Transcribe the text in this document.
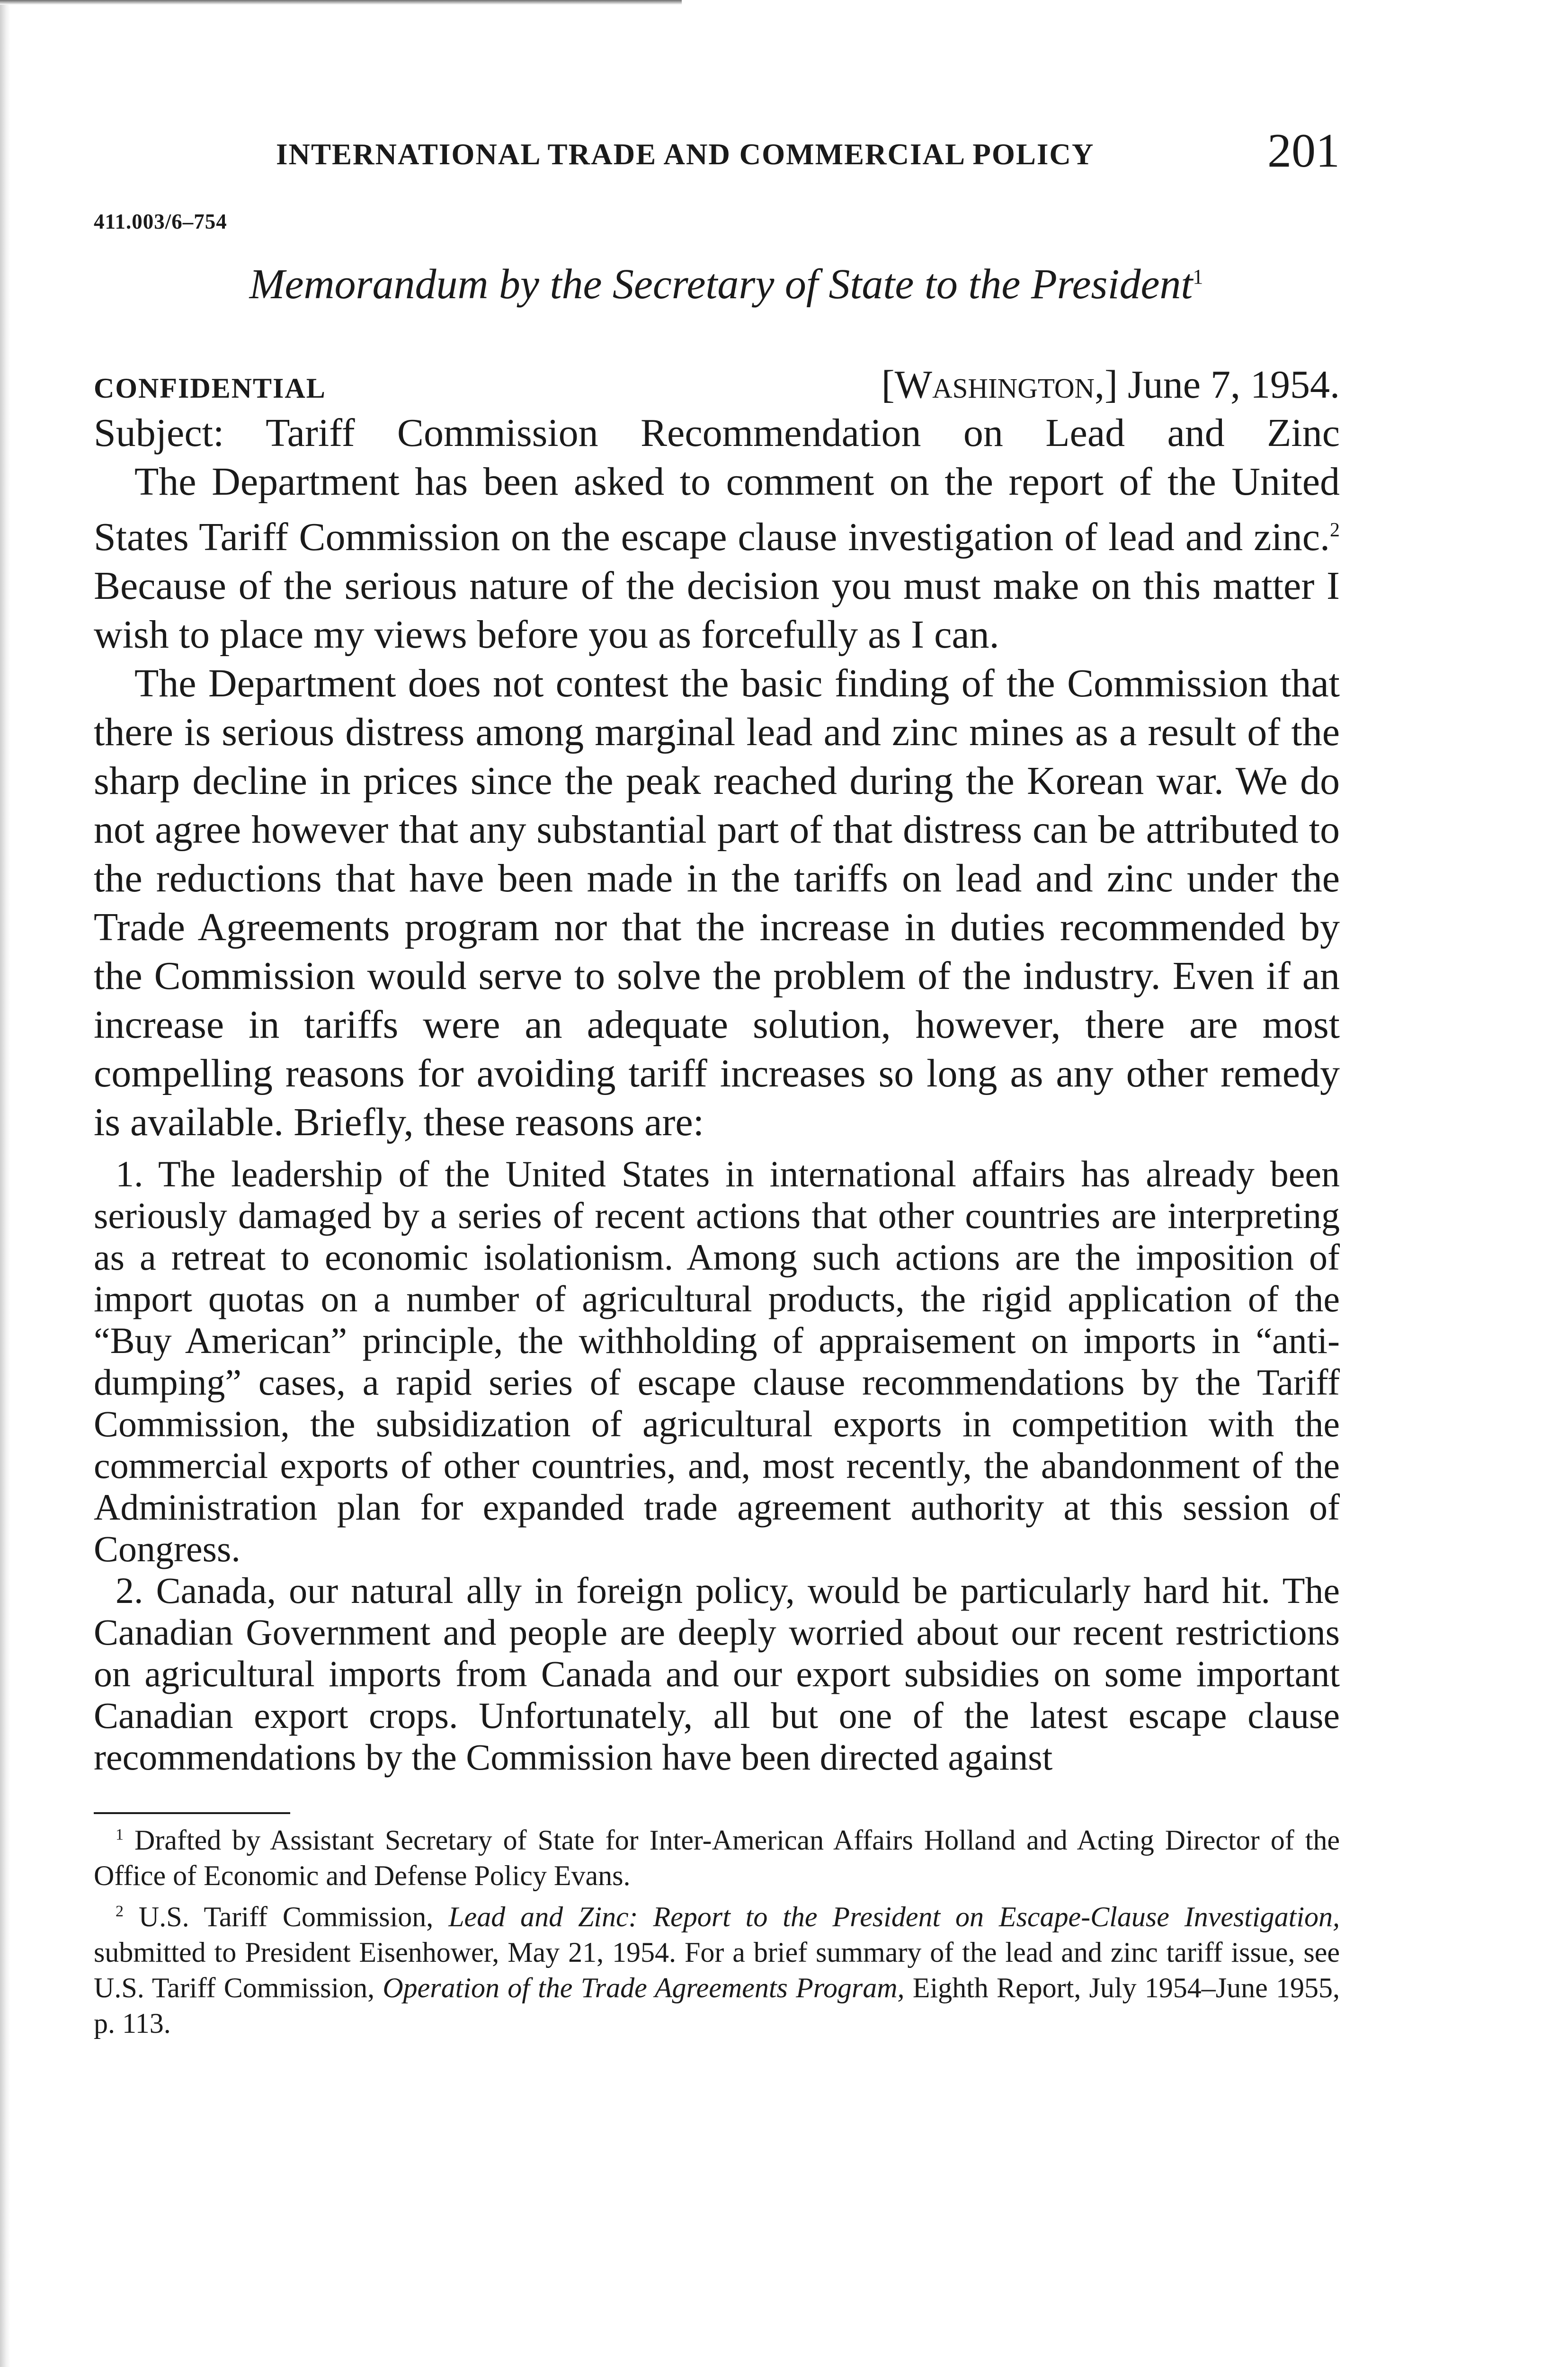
INTERNATIONAL TRADE AND COMMERCIAL POLICY	201
411.003/6–754
Memorandum by the Secretary of State to the President$^1$
CONFIDENTIAL	[Washington,] June 7, 1954.
Subject: Tariff Commission Recommendation on Lead and Zinc

The Department has been asked to comment on the report of the United States Tariff Commission on the escape clause investigation of lead and zinc.$^2$ Because of the serious nature of the decision you must make on this matter I wish to place my views before you as forcefully as I can.

The Department does not contest the basic finding of the Commission that there is serious distress among marginal lead and zinc mines as a result of the sharp decline in prices since the peak reached during the Korean war. We do not agree however that any substantial part of that distress can be attributed to the reductions that have been made in the tariffs on lead and zinc under the Trade Agreements program nor that the increase in duties recommended by the Commission would serve to solve the problem of the industry. Even if an increase in tariffs were an adequate solution, however, there are most compelling reasons for avoiding tariff increases so long as any other remedy is available. Briefly, these reasons are:

1. The leadership of the United States in international affairs has already been seriously damaged by a series of recent actions that other countries are interpreting as a retreat to economic isolationism. Among such actions are the imposition of import quotas on a number of agricultural products, the rigid application of the “Buy American” principle, the withholding of appraisement on imports in “anti-dumping” cases, a rapid series of escape clause recommendations by the Tariff Commission, the subsidization of agricultural exports in competition with the commercial exports of other countries, and, most recently, the abandonment of the Administration plan for expanded trade agreement authority at this session of Congress.

2. Canada, our natural ally in foreign policy, would be particularly hard hit. The Canadian Government and people are deeply worried about our recent restrictions on agricultural imports from Canada and our export subsidies on some important Canadian export crops. Unfortunately, all but one of the latest escape clause recommendations by the Commission have been directed against

$^1$ Drafted by Assistant Secretary of State for Inter-American Affairs Holland and Acting Director of the Office of Economic and Defense Policy Evans.

$^2$ U.S. Tariff Commission, Lead and Zinc: Report to the President on Escape-Clause Investigation, submitted to President Eisenhower, May 21, 1954. For a brief summary of the lead and zinc tariff issue, see U.S. Tariff Commission, Operation of the Trade Agreements Program, Eighth Report, July 1954–June 1955, p. 113.
